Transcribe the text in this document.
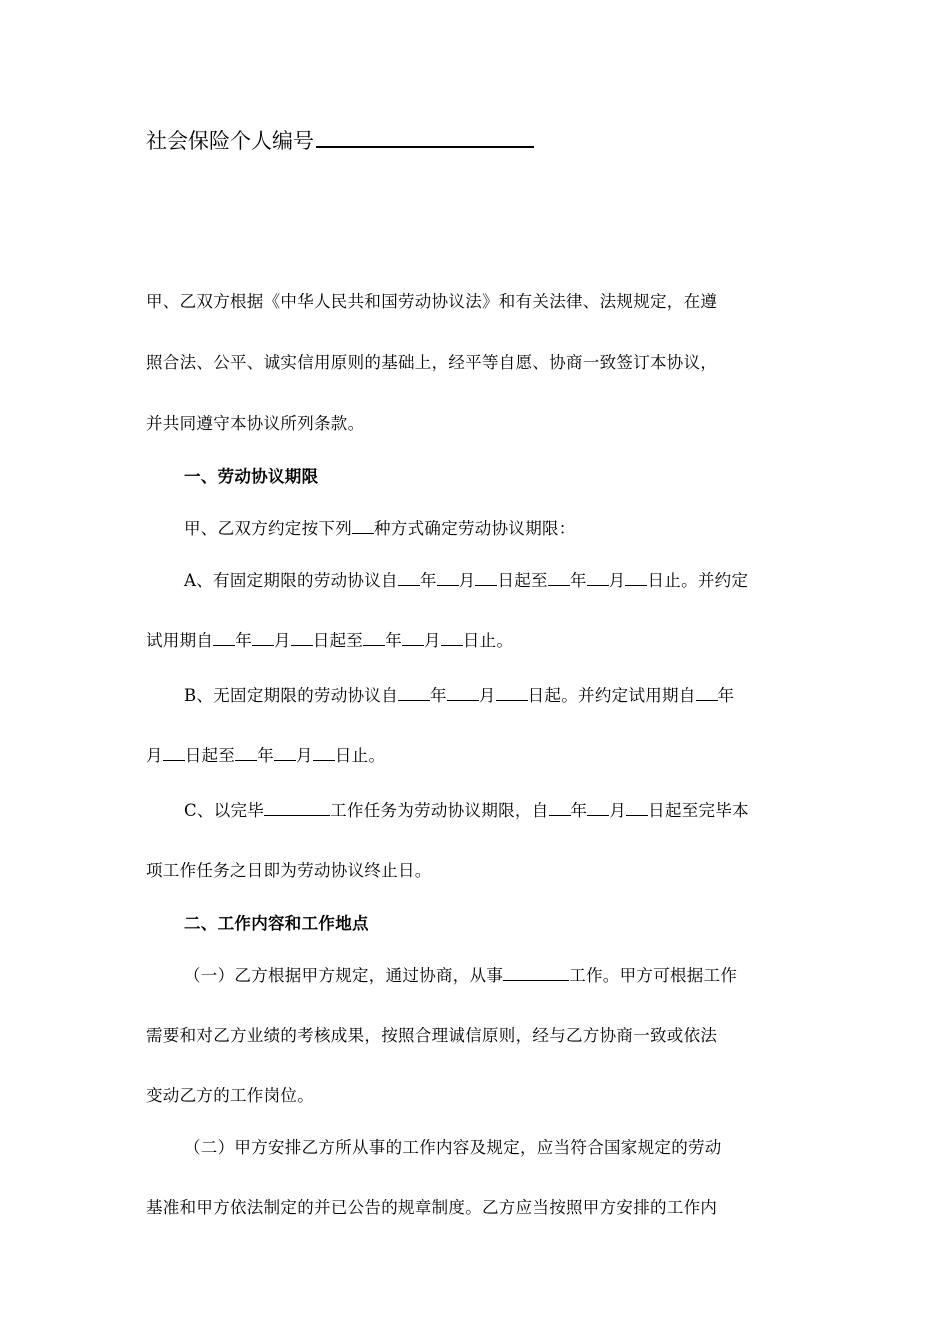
社会保险个人编号
甲、乙双方根据《中华人民共和国劳动协议法》和有关法律、法规规定，在遵
照合法、公平、诚实信用原则的基础上，经平等自愿、协商一致签订本协议，
并共同遵守本协议所列条款。
一、劳动协议期限
甲、乙双方约定按下列 种方式确定劳动协议期限：
A、有固定期限的劳动协议自 年 月 日起至 年 月 日止。并约定
试用期自 年 月 日起至 年 月 日止。
B、无固定期限的劳动协议自 年 月 日起。并约定试用期自 年
月 日起至 年 月 日止。
C、以完毕	工作任务为劳动协议期限，自 年 月 日起至完毕本
项工作任务之日即为劳动协议终止日。
二、工作内容和工作地点
（一）乙方根据甲方规定，通过协商，从事	工作。甲方可根据工作
需要和对乙方业绩的考核成果，按照合理诚信原则，经与乙方协商一致或依法
变动乙方的工作岗位。
（二）甲方安排乙方所从事的工作内容及规定，应当符合国家规定的劳动
基准和甲方依法制定的并已公告的规章制度。乙方应当按照甲方安排的工作内
